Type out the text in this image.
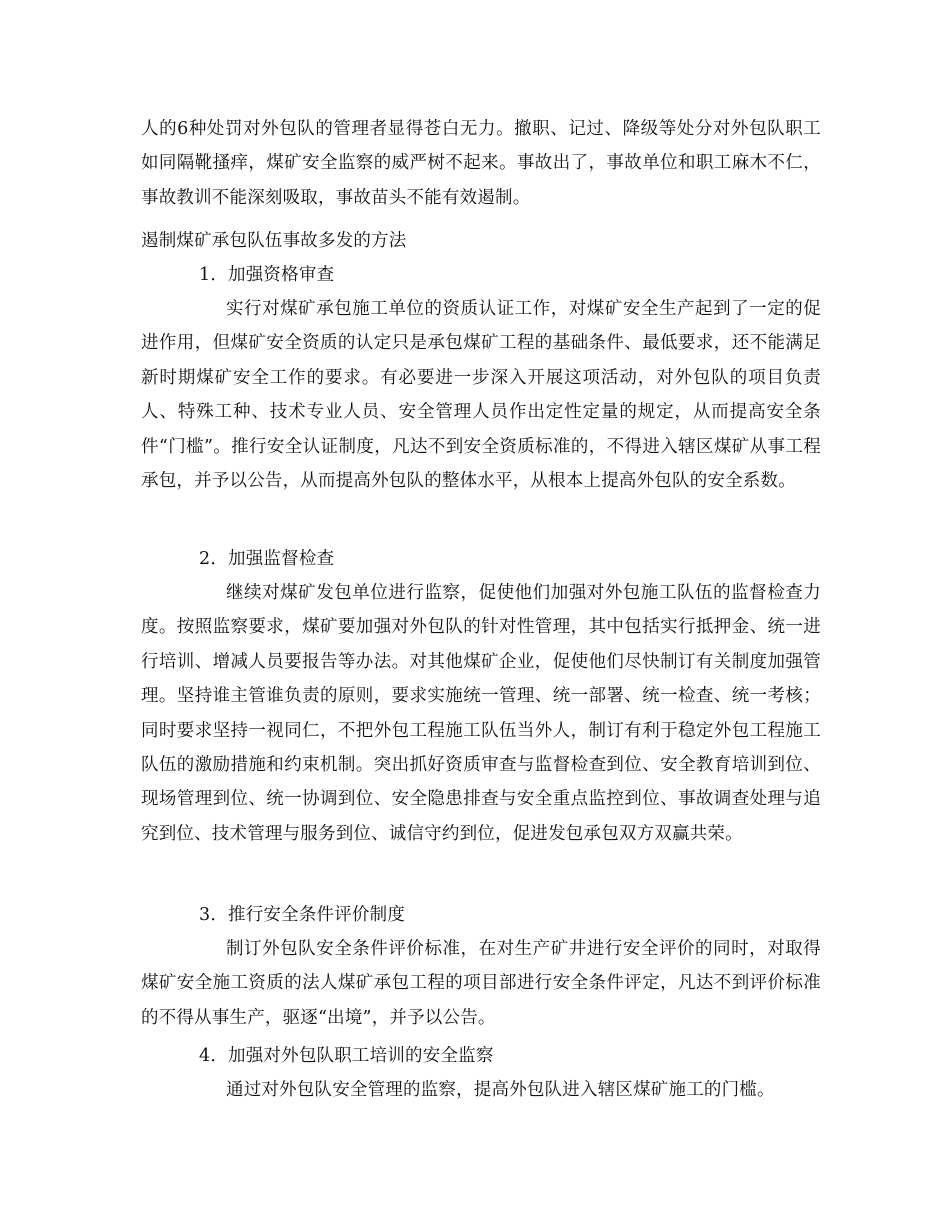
人的6种处罚对外包队的管理者显得苍白无力。撤职、记过、降级等处分对外包队职工如同隔靴搔痒，煤矿安全监察的威严树不起来。事故出了，事故单位和职工麻木不仁，事故教训不能深刻吸取，事故苗头不能有效遏制。

遏制煤矿承包队伍事故多发的方法

1．加强资格审查

实行对煤矿承包施工单位的资质认证工作，对煤矿安全生产起到了一定的促进作用，但煤矿安全资质的认定只是承包煤矿工程的基础条件、最低要求，还不能满足新时期煤矿安全工作的要求。有必要进一步深入开展这项活动，对外包队的项目负责人、特殊工种、技术专业人员、安全管理人员作出定性定量的规定，从而提高安全条件“门槛”。推行安全认证制度，凡达不到安全资质标准的，不得进入辖区煤矿从事工程承包，并予以公告，从而提高外包队的整体水平，从根本上提高外包队的安全系数。

2．加强监督检查

继续对煤矿发包单位进行监察，促使他们加强对外包施工队伍的监督检查力度。按照监察要求，煤矿要加强对外包队的针对性管理，其中包括实行抵押金、统一进行培训、增减人员要报告等办法。对其他煤矿企业，促使他们尽快制订有关制度加强管理。坚持谁主管谁负责的原则，要求实施统一管理、统一部署、统一检查、统一考核；同时要求坚持一视同仁，不把外包工程施工队伍当外人，制订有利于稳定外包工程施工队伍的激励措施和约束机制。突出抓好资质审查与监督检查到位、安全教育培训到位、现场管理到位、统一协调到位、安全隐患排查与安全重点监控到位、事故调查处理与追究到位、技术管理与服务到位、诚信守约到位，促进发包承包双方双赢共荣。

3．推行安全条件评价制度

制订外包队安全条件评价标准，在对生产矿井进行安全评价的同时，对取得煤矿安全施工资质的法人煤矿承包工程的项目部进行安全条件评定，凡达不到评价标准的不得从事生产，驱逐“出境”，并予以公告。

4．加强对外包队职工培训的安全监察

通过对外包队安全管理的监察，提高外包队进入辖区煤矿施工的门槛。
